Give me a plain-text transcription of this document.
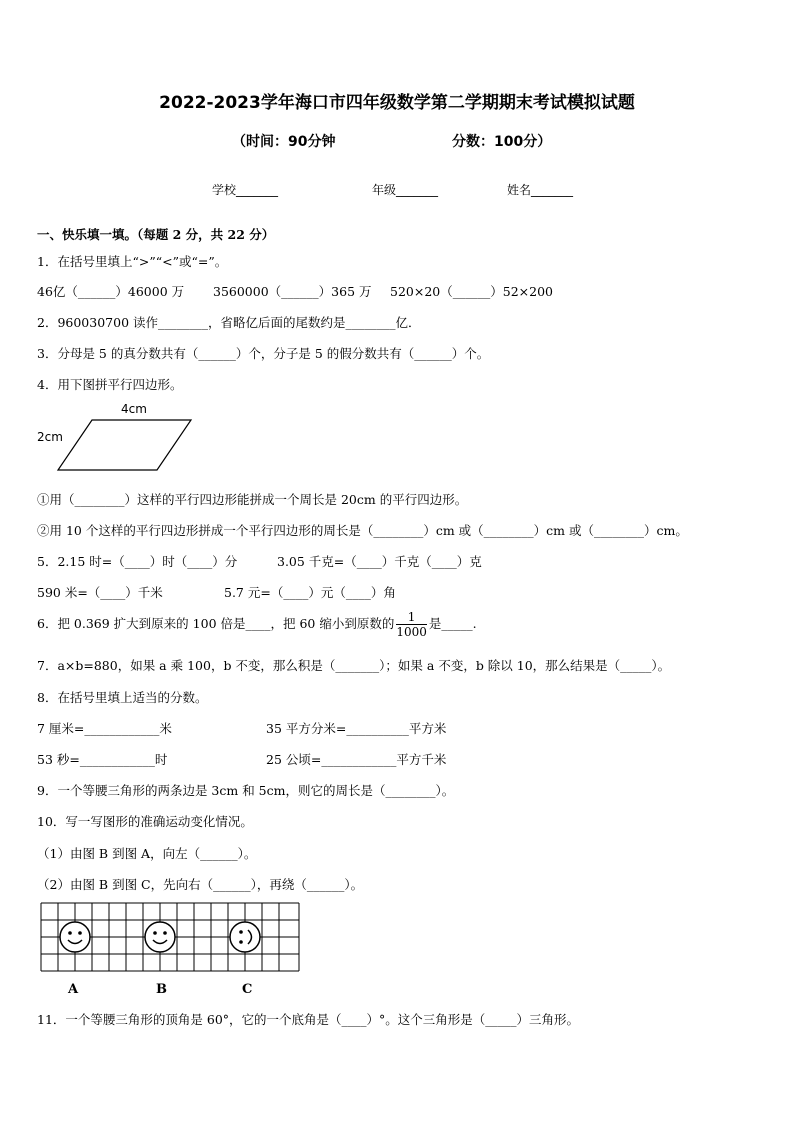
2022-2023学年海口市四年级数学第二学期期末考试模拟试题
（时间：90分钟	分数：100分）
学校_______	年级_______	姓名_______
一、快乐填一填。（每题 2 分，共 22 分）
1．在括号里填上“>”“<”或“=”。
46亿（______）46000 万 3560000（______）365 万 520×20（______）52×200
2．960030700 读作________，省略亿后面的尾数约是________亿．
3．分母是 5 的真分数共有（______）个，分子是 5 的假分数共有（______）个。
4．用下图拼平行四边形。
4cm
2cm
①用（________）这样的平行四边形能拼成一个周长是 20cm 的平行四边形。
②用 10 个这样的平行四边形拼成一个平行四边形的周长是（________）cm 或（________）cm 或（________）cm。
5．2.15 时=（____）时（____）分	3.05 千克=（____）千克（____）克
590 米=（____）千米	5.7 元=（____）元（____）角
6．把 0.369 扩大到原来的 100 倍是____，把 60 缩小到原数的 $\frac{1}{1000}$ 是_____.
7．a×b=880，如果 a 乘 100，b 不变，那么积是（_______）；如果 a 不变，b 除以 10，那么结果是（_____）。
8．在括号里填上适当的分数。
7 厘米=____________米	35 平方分米=__________平方米
53 秒=____________时	25 公顷=____________平方千米
9．一个等腰三角形的两条边是 3cm 和 5cm，则它的周长是（________）。
10．写一写图形的准确运动变化情况。
（1）由图 B 到图 A，向左（______）。
（2）由图 B 到图 C，先向右（______），再绕（______）。
A	B	C
11．一个等腰三角形的顶角是 60°，它的一个底角是（____）°。这个三角形是（_____）三角形。
